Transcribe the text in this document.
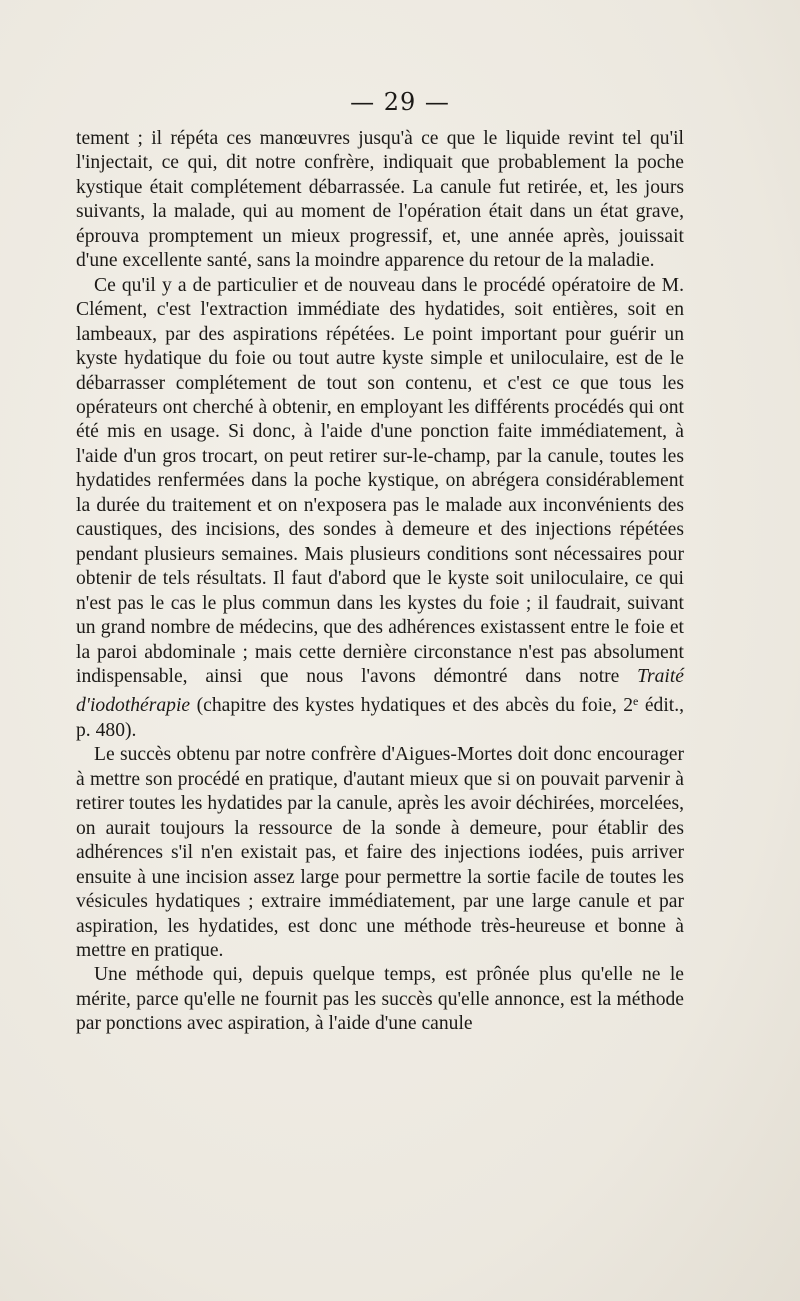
— 29 —

tement ; il répéta ces manœuvres jusqu'à ce que le liquide revint tel qu'il l'injectait, ce qui, dit notre confrère, indiquait que probablement la poche kystique était complétement débarrassée. La canule fut retirée, et, les jours suivants, la malade, qui au moment de l'opération était dans un état grave, éprouva promptement un mieux progressif, et, une année après, jouissait d'une excellente santé, sans la moindre apparence du retour de la maladie.

Ce qu'il y a de particulier et de nouveau dans le procédé opératoire de M. Clément, c'est l'extraction immédiate des hydatides, soit entières, soit en lambeaux, par des aspirations répétées. Le point important pour guérir un kyste hydatique du foie ou tout autre kyste simple et uniloculaire, est de le débarrasser complétement de tout son contenu, et c'est ce que tous les opérateurs ont cherché à obtenir, en employant les différents procédés qui ont été mis en usage. Si donc, à l'aide d'une ponction faite immédiatement, à l'aide d'un gros trocart, on peut retirer sur-le-champ, par la canule, toutes les hydatides renfermées dans la poche kystique, on abrégera considérablement la durée du traitement et on n'exposera pas le malade aux inconvénients des caustiques, des incisions, des sondes à demeure et des injections répétées pendant plusieurs semaines. Mais plusieurs conditions sont nécessaires pour obtenir de tels résultats. Il faut d'abord que le kyste soit uniloculaire, ce qui n'est pas le cas le plus commun dans les kystes du foie ; il faudrait, suivant un grand nombre de médecins, que des adhérences existassent entre le foie et la paroi abdominale ; mais cette dernière circonstance n'est pas absolument indispensable, ainsi que nous l'avons démontré dans notre Traité d'iodothérapie (chapitre des kystes hydatiques et des abcès du foie, 2e édit., p. 480).

Le succès obtenu par notre confrère d'Aigues-Mortes doit donc encourager à mettre son procédé en pratique, d'autant mieux que si on pouvait parvenir à retirer toutes les hydatides par la canule, après les avoir déchirées, morcelées, on aurait toujours la ressource de la sonde à demeure, pour établir des adhérences s'il n'en existait pas, et faire des injections iodées, puis arriver ensuite à une incision assez large pour permettre la sortie facile de toutes les vésicules hydatiques ; extraire immédiatement, par une large canule et par aspiration, les hydatides, est donc une méthode très-heureuse et bonne à mettre en pratique.

Une méthode qui, depuis quelque temps, est prônée plus qu'elle ne le mérite, parce qu'elle ne fournit pas les succès qu'elle annonce, est la méthode par ponctions avec aspiration, à l'aide d'une canule
